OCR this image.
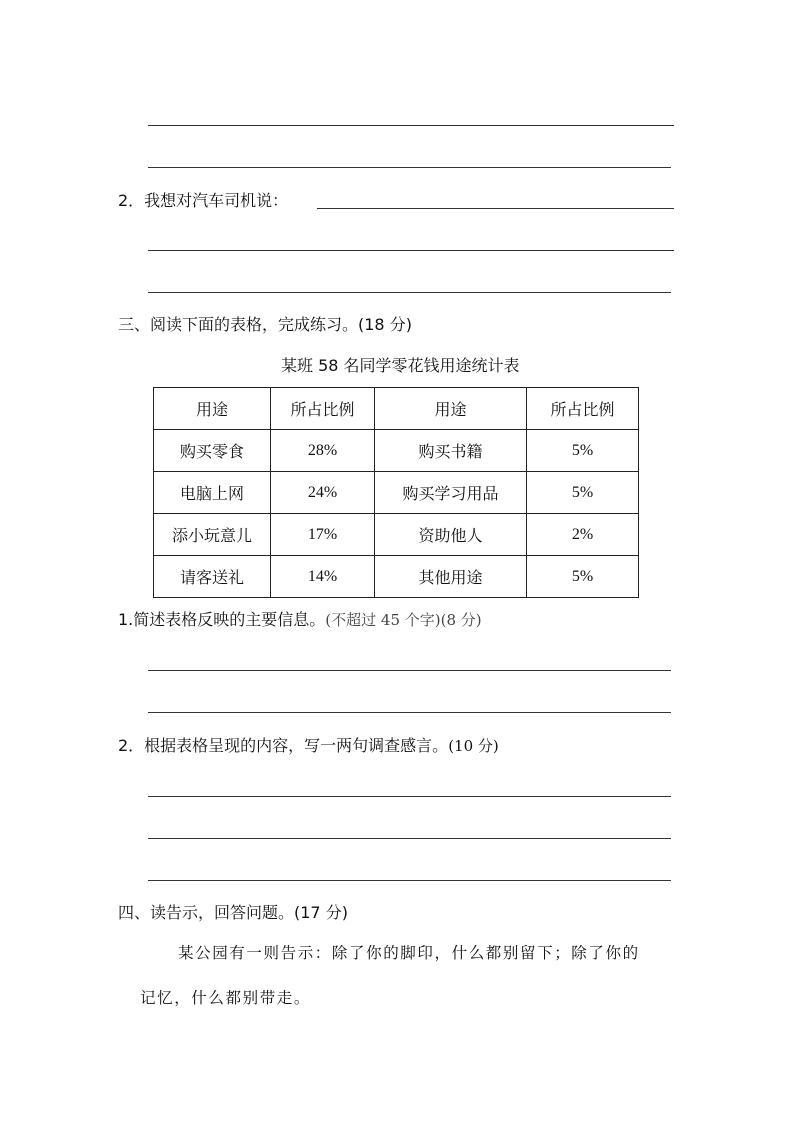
2．我想对汽车司机说：
三、阅读下面的表格，完成练习。(18 分)
某班 58 名同学零花钱用途统计表
用途	所占比例	用途	所占比例
购买零食	28%	购买书籍	5%
电脑上网	24%	购买学习用品	5%
添小玩意儿	17%	资助他人	2%
请客送礼	14%	其他用途	5%
1.简述表格反映的主要信息。(不超过 45 个字)(8 分)
2．根据表格呈现的内容，写一两句调查感言。(10 分)
四、读告示，回答问题。(17 分)
某公园有一则告示：除了你的脚印，什么都别留下；除了你的
记忆，什么都别带走。
